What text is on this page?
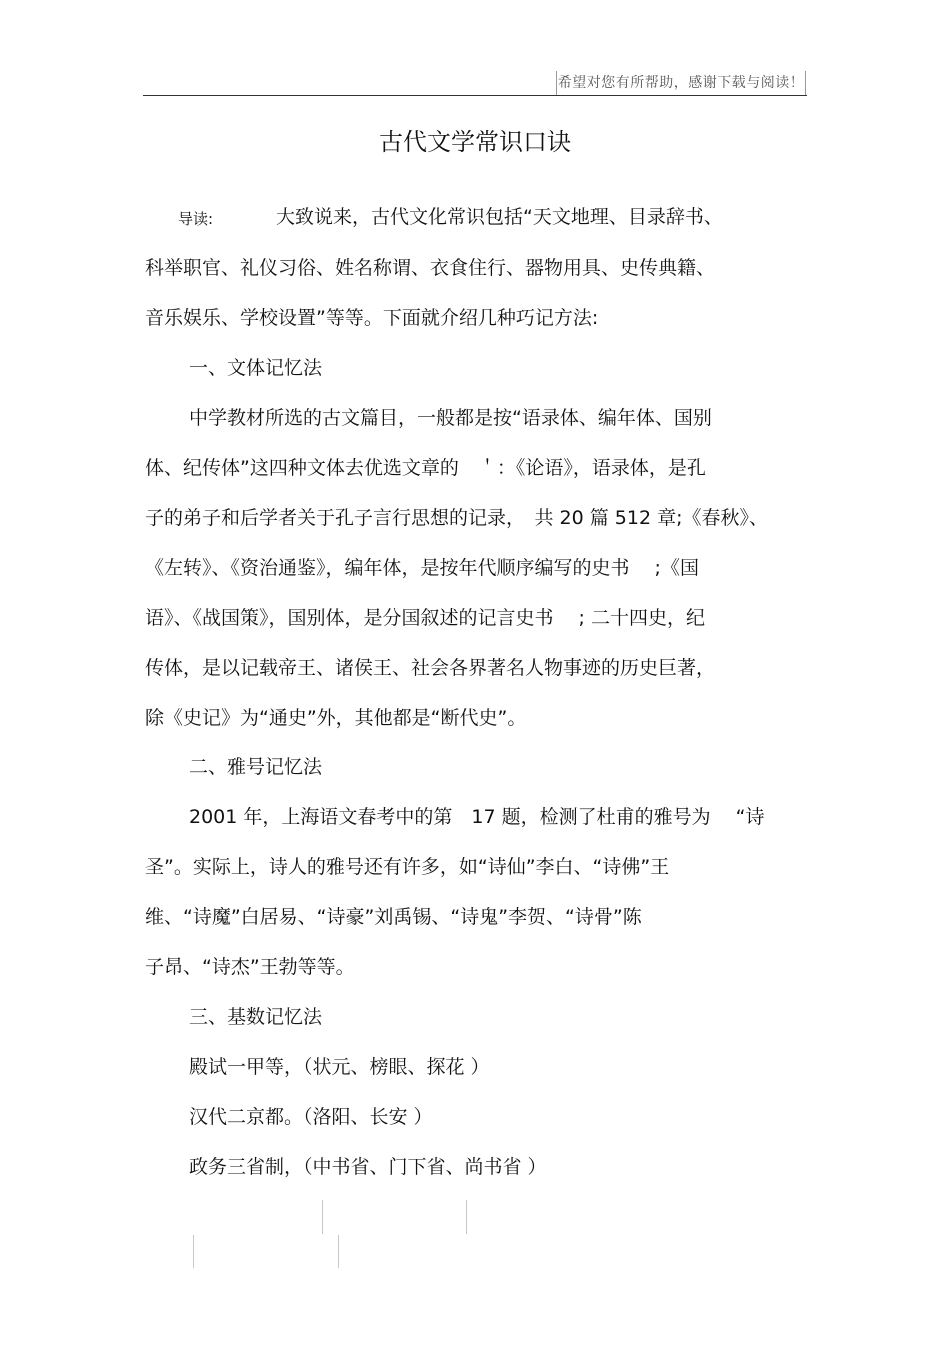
希望对您有所帮助，感谢下载与阅读！
古代文学常识口诀
导读:	大致说来，古代文化常识包括“天文地理、目录辞书、
科举职官、礼仪习俗、姓名称谓、衣食住行、器物用具、史传典籍、
音乐娱乐、学校设置”等等。下面就介绍几种巧记方法:
一、文体记忆法
中学教材所选的古文篇目，一般都是按“语录体、编年体、国别
体、纪传体”这四种文体去优选文章的　＇：《论语》，语录体，是孔
子的弟子和后学者关于孔子言行思想的记录，　共 20 篇 512 章;《春秋》、
《左转》、《资治通鉴》，编年体，是按年代顺序编写的史书　 ;《国
语》、《战国策》，国别体，是分国叙述的记言史书　 ; 二十四史，纪
传体，是以记载帝王、诸侯王、社会各界著名人物事迹的历史巨著，
除《史记》为“通史”外，其他都是“断代史”。
二、雅号记忆法
2001 年，上海语文春考中的第　17 题，检测了杜甫的雅号为　 “诗
圣”。实际上，诗人的雅号还有许多，如“诗仙”李白、“诗佛”王
维、“诗魔”白居易、“诗豪”刘禹锡、“诗鬼”李贺、“诗骨”陈
子昂、“诗杰”王勃等等。
三、基数记忆法
殿试一甲等，（状元、榜眼、探花 ）
汉代二京都。（洛阳、长安 ）
政务三省制，（中书省、门下省、尚书省 ）
